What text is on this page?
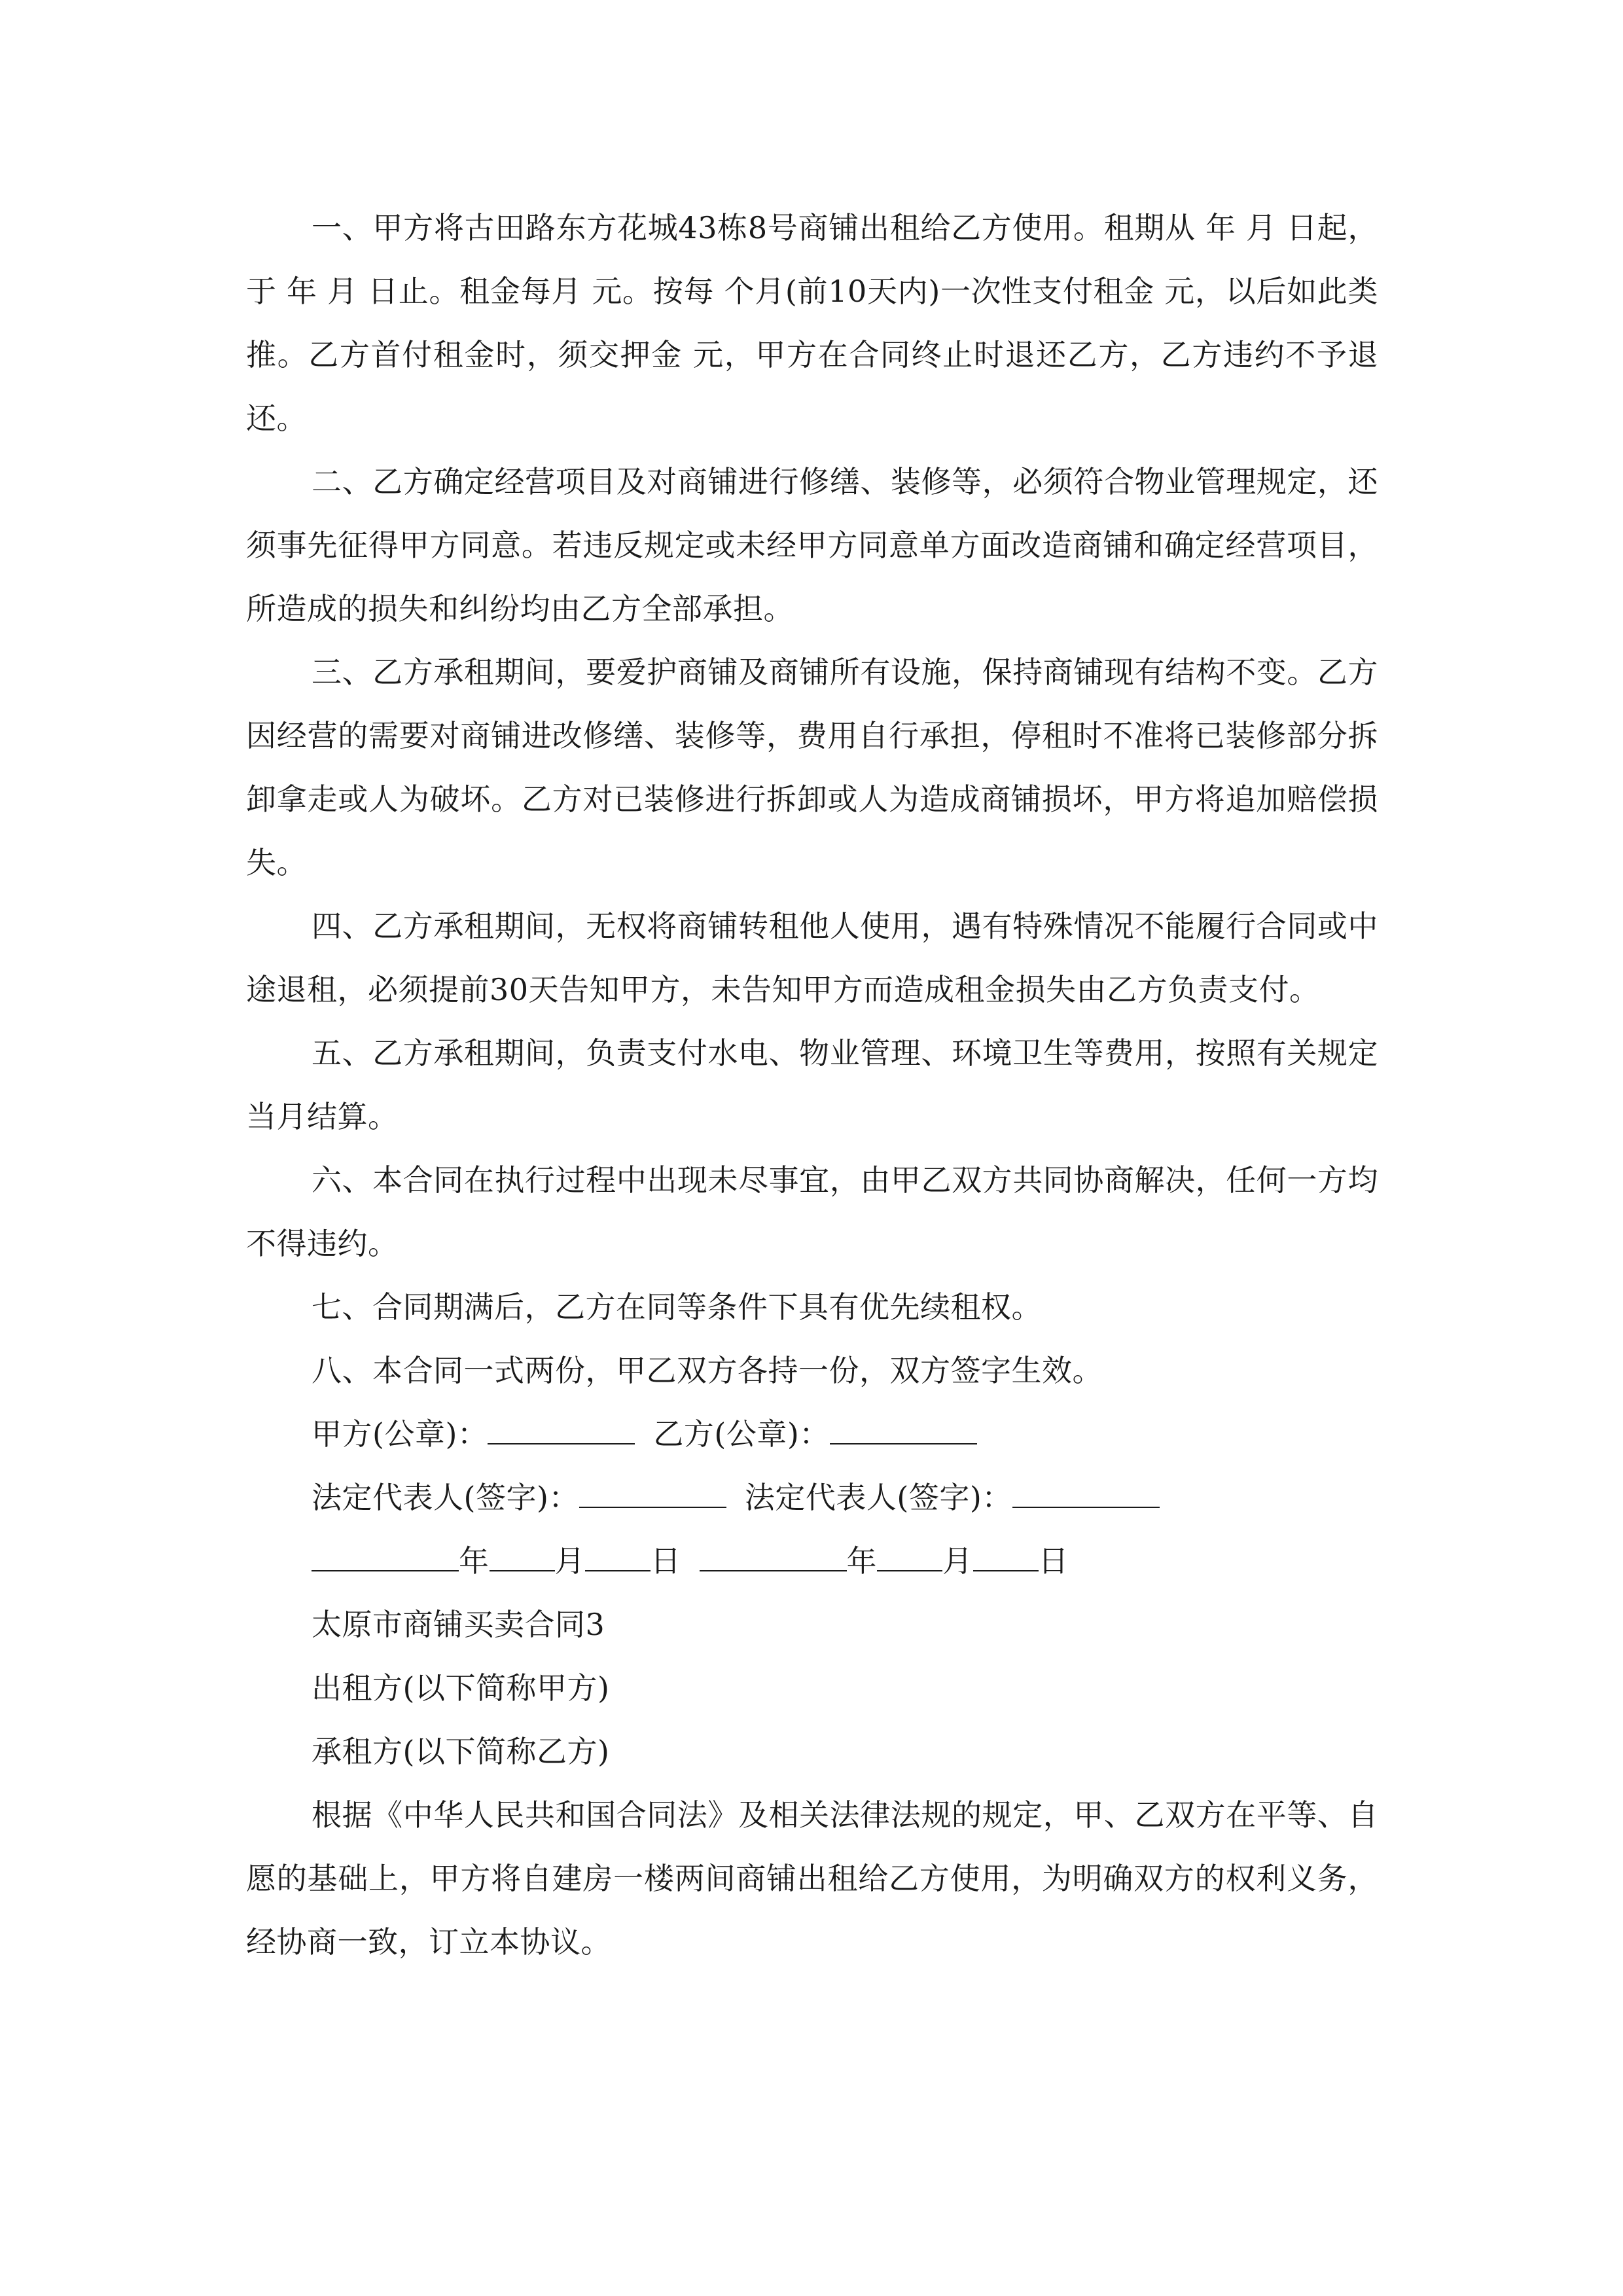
一、甲方将古田路东方花城43栋8号商铺出租给乙方使用。租期从 年 月 日起，于 年 月 日止。租金每月 元。按每 个月(前10天内)一次性支付租金 元，以后如此类推。乙方首付租金时，须交押金 元，甲方在合同终止时退还乙方，乙方违约不予退还。

二、乙方确定经营项目及对商铺进行修缮、装修等，必须符合物业管理规定，还须事先征得甲方同意。若违反规定或未经甲方同意单方面改造商铺和确定经营项目，所造成的损失和纠纷均由乙方全部承担。

三、乙方承租期间，要爱护商铺及商铺所有设施，保持商铺现有结构不变。乙方因经营的需要对商铺进改修缮、装修等，费用自行承担，停租时不准将已装修部分拆卸拿走或人为破坏。乙方对已装修进行拆卸或人为造成商铺损坏，甲方将追加赔偿损失。

四、乙方承租期间，无权将商铺转租他人使用，遇有特殊情况不能履行合同或中途退租，必须提前30天告知甲方，未告知甲方而造成租金损失由乙方负责支付。

五、乙方承租期间，负责支付水电、物业管理、环境卫生等费用，按照有关规定当月结算。

六、本合同在执行过程中出现未尽事宜，由甲乙双方共同协商解决，任何一方均不得违约。

七、合同期满后，乙方在同等条件下具有优先续租权。

八、本合同一式两份，甲乙双方各持一份，双方签字生效。

甲方(公章)：	乙方(公章)：
法定代表人(签字)：	法定代表人(签字)：
年 月 日	年 月 日
太原市商铺买卖合同3
出租方(以下简称甲方)
承租方(以下简称乙方)

根据《中华人民共和国合同法》及相关法律法规的规定，甲、乙双方在平等、自愿的基础上，甲方将自建房一楼两间商铺出租给乙方使用，为明确双方的权利义务，经协商一致，订立本协议。
